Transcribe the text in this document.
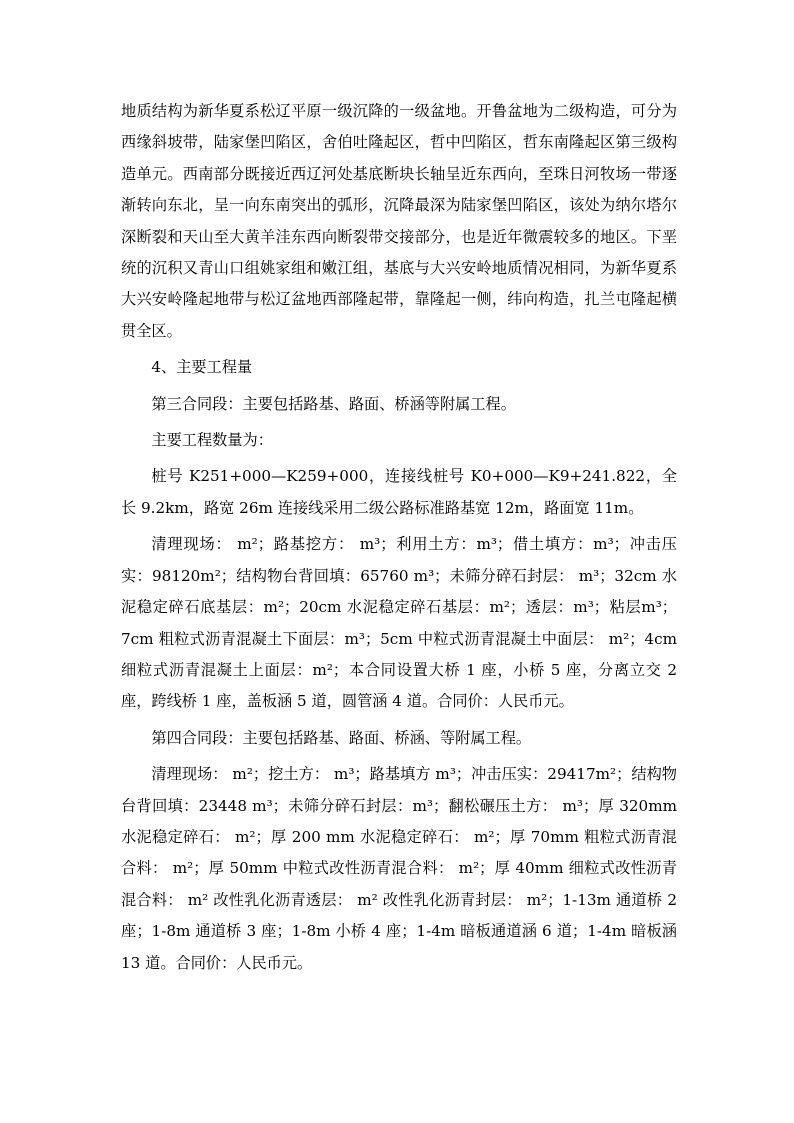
地质结构为新华夏系松辽平原一级沉降的一级盆地。开鲁盆地为二级构造，可分为西缘斜坡带，陆家堡凹陷区，舍伯吐隆起区，哲中凹陷区，哲东南隆起区第三级构造单元。西南部分既接近西辽河处基底断块长轴呈近东西向，至珠日河牧场一带逐渐转向东北，呈一向东南突出的弧形，沉降最深为陆家堡凹陷区，该处为纳尔塔尔深断裂和天山至大黄羊洼东西向断裂带交接部分，也是近年微震较多的地区。下垩统的沉积又青山口组姚家组和嫩江组，基底与大兴安岭地质情况相同，为新华夏系大兴安岭隆起地带与松辽盆地西部隆起带，靠隆起一侧，纬向构造，扎兰屯隆起横贯全区。

4、主要工程量

第三合同段：主要包括路基、路面、桥涵等附属工程。

主要工程数量为：

桩号 K251+000—K259+000，连接线桩号 K0+000—K9+241.822，全长 9.2km，路宽 26m 连接线采用二级公路标准路基宽 12m，路面宽 11m。

清理现场： m²；路基挖方： m³；利用土方：m³；借土填方：m³；冲击压实：98120m²；结构物台背回填：65760 m³；未筛分碎石封层： m³；32cm 水泥稳定碎石底基层：m²；20cm 水泥稳定碎石基层：m²；透层：m³；粘层m³；7cm 粗粒式沥青混凝土下面层：m³；5cm 中粒式沥青混凝土中面层： m²；4cm 细粒式沥青混凝土上面层：m²；本合同设置大桥 1 座，小桥 5 座，分离立交 2 座，跨线桥 1 座，盖板涵 5 道，圆管涵 4 道。合同价：人民币元。

第四合同段：主要包括路基、路面、桥涵、等附属工程。

清理现场： m²；挖土方： m³；路基填方 m³；冲击压实：29417m²；结构物台背回填：23448 m³；未筛分碎石封层：m³；翻松碾压土方： m³；厚 320mm 水泥稳定碎石： m²；厚 200 mm 水泥稳定碎石： m²；厚 70mm 粗粒式沥青混合料： m²；厚 50mm 中粒式改性沥青混合料： m²；厚 40mm 细粒式改性沥青混合料： m² 改性乳化沥青透层： m² 改性乳化沥青封层： m²；1-13m 通道桥 2 座；1-8m 通道桥 3 座；1-8m 小桥 4 座；1-4m 暗板通道涵 6 道；1-4m 暗板涵 13 道。合同价：人民币元。
